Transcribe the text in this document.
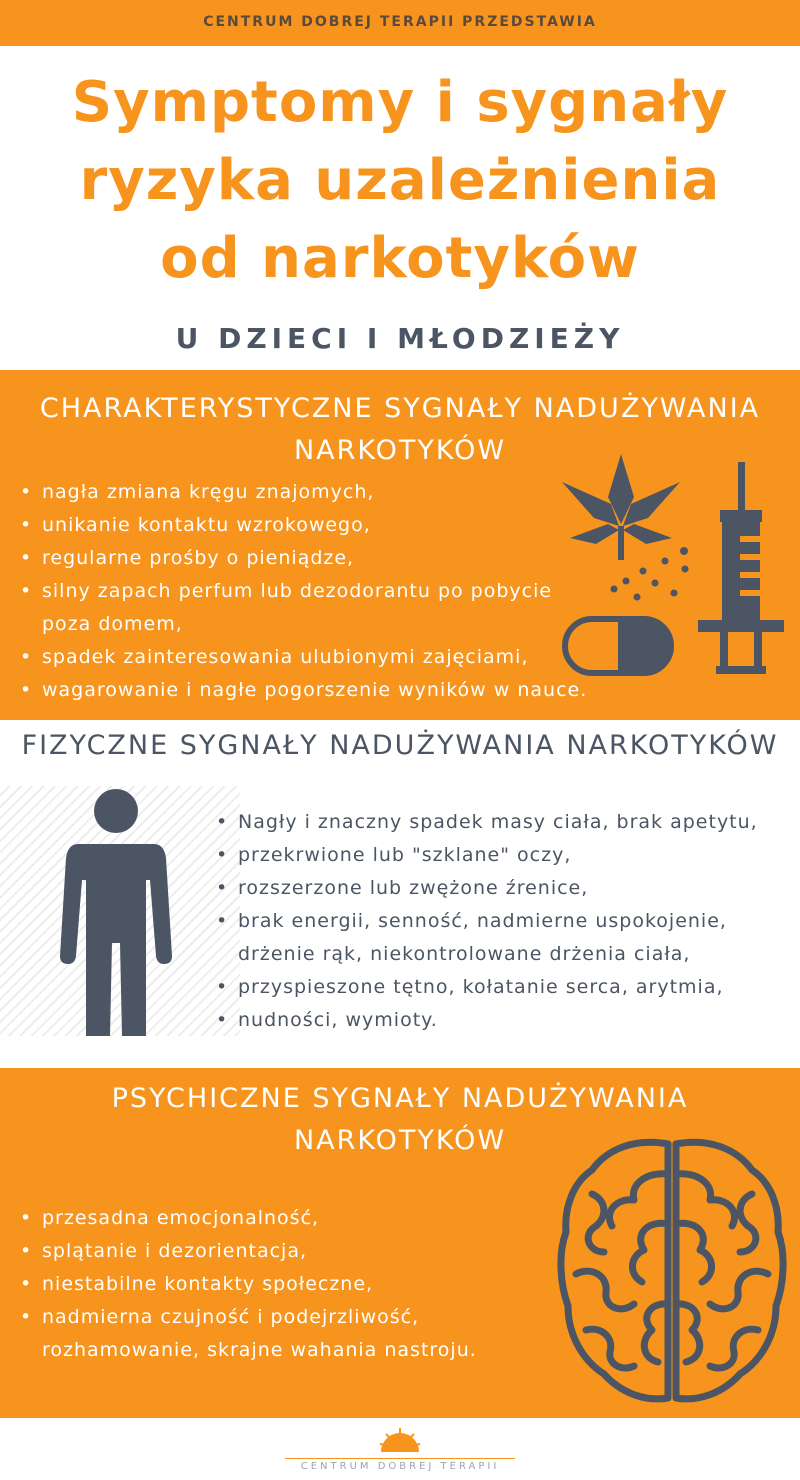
CENTRUM DOBREJ TERAPII PRZEDSTAWIA
Symptomy i sygnały
ryzyka uzależnienia
od narkotyków
U DZIECI I MŁODZIEŻY
CHARAKTERYSTYCZNE SYGNAŁY NADUŻYWANIA
NARKOTYKÓW
• nagła zmiana kręgu znajomych,
• unikanie kontaktu wzrokowego,
• regularne prośby o pieniądze,
• silny zapach perfum lub dezodorantu po pobycie
poza domem,
• spadek zainteresowania ulubionymi zajęciami,
• wagarowanie i nagłe pogorszenie wyników w nauce.
FIZYCZNE SYGNAŁY NADUŻYWANIA NARKOTYKÓW
• Nagły i znaczny spadek masy ciała, brak apetytu,
• przekrwione lub "szklane" oczy,
• rozszerzone lub zwężone źrenice,
• brak energii, senność, nadmierne uspokojenie,
drżenie rąk, niekontrolowane drżenia ciała,
• przyspieszone tętno, kołatanie serca, arytmia,
• nudności, wymioty.
PSYCHICZNE SYGNAŁY NADUŻYWANIA
NARKOTYKÓW
• przesadna emocjonalność,
• splątanie i dezorientacja,
• niestabilne kontakty społeczne,
• nadmierna czujność i podejrzliwość,
rozhamowanie, skrajne wahania nastroju.
CENTRUM DOBREJ TERAPII
